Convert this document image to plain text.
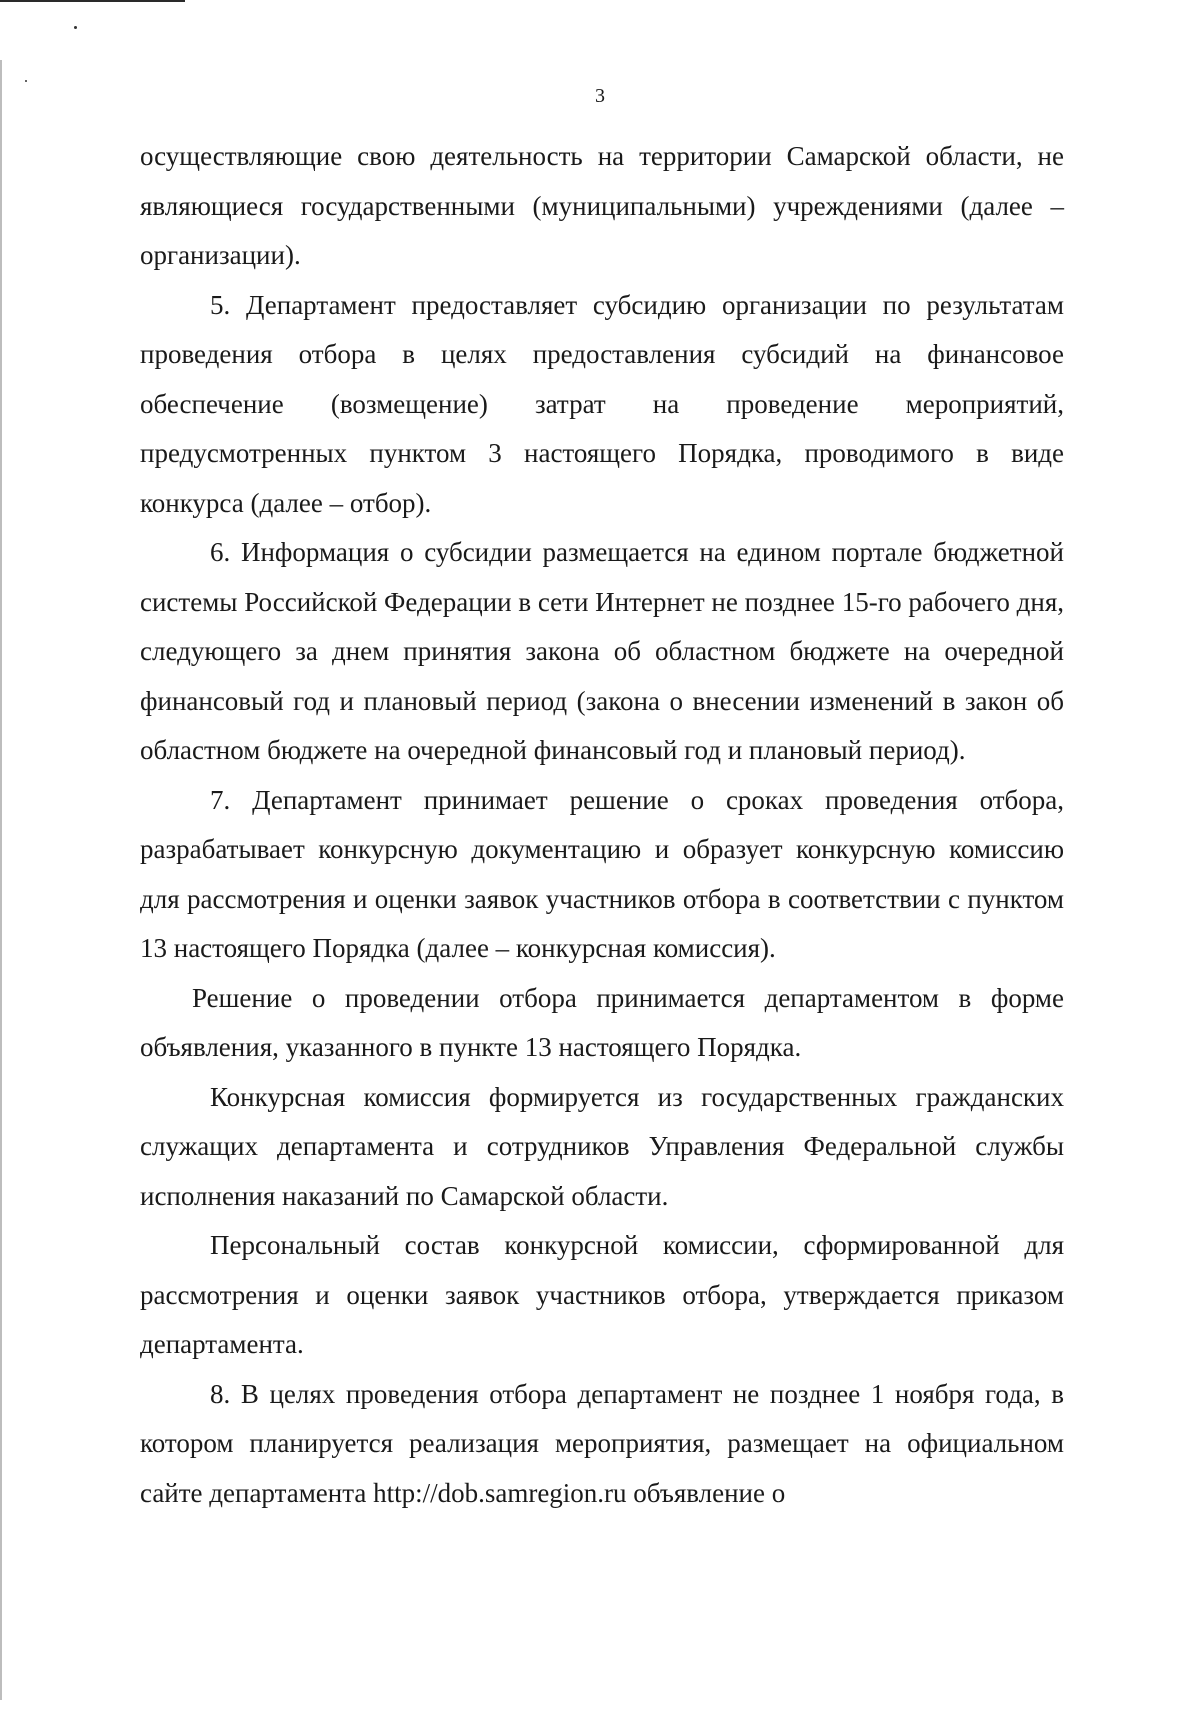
3

осуществляющие свою деятельность на территории Самарской области, не являющиеся государственными (муниципальными) учреждениями (далее – организации).

5. Департамент предоставляет субсидию организации по результатам проведения отбора в целях предоставления субсидий на финансовое обеспечение (возмещение) затрат на проведение мероприятий, предусмотренных пунктом 3 настоящего Порядка, проводимого в виде конкурса (далее – отбор).

6. Информация о субсидии размещается на едином портале бюджетной системы Российской Федерации в сети Интернет не позднее 15-го рабочего дня, следующего за днем принятия закона об областном бюджете на очередной финансовый год и плановый период (закона о внесении изменений в закон об областном бюджете на очередной финансовый год и плановый период).

7. Департамент принимает решение о сроках проведения отбора, разрабатывает конкурсную документацию и образует конкурсную комиссию для рассмотрения и оценки заявок участников отбора в соответствии с пунктом 13 настоящего Порядка (далее – конкурсная комиссия).

Решение о проведении отбора принимается департаментом в форме объявления, указанного в пункте 13 настоящего Порядка.

Конкурсная комиссия формируется из государственных гражданских служащих департамента и сотрудников Управления Федеральной службы исполнения наказаний по Самарской области.

Персональный состав конкурсной комиссии, сформированной для рассмотрения и оценки заявок участников отбора, утверждается приказом департамента.

8. В целях проведения отбора департамент не позднее 1 ноября года, в котором планируется реализация мероприятия, размещает на официальном сайте департамента http://dob.samregion.ru объявление о
